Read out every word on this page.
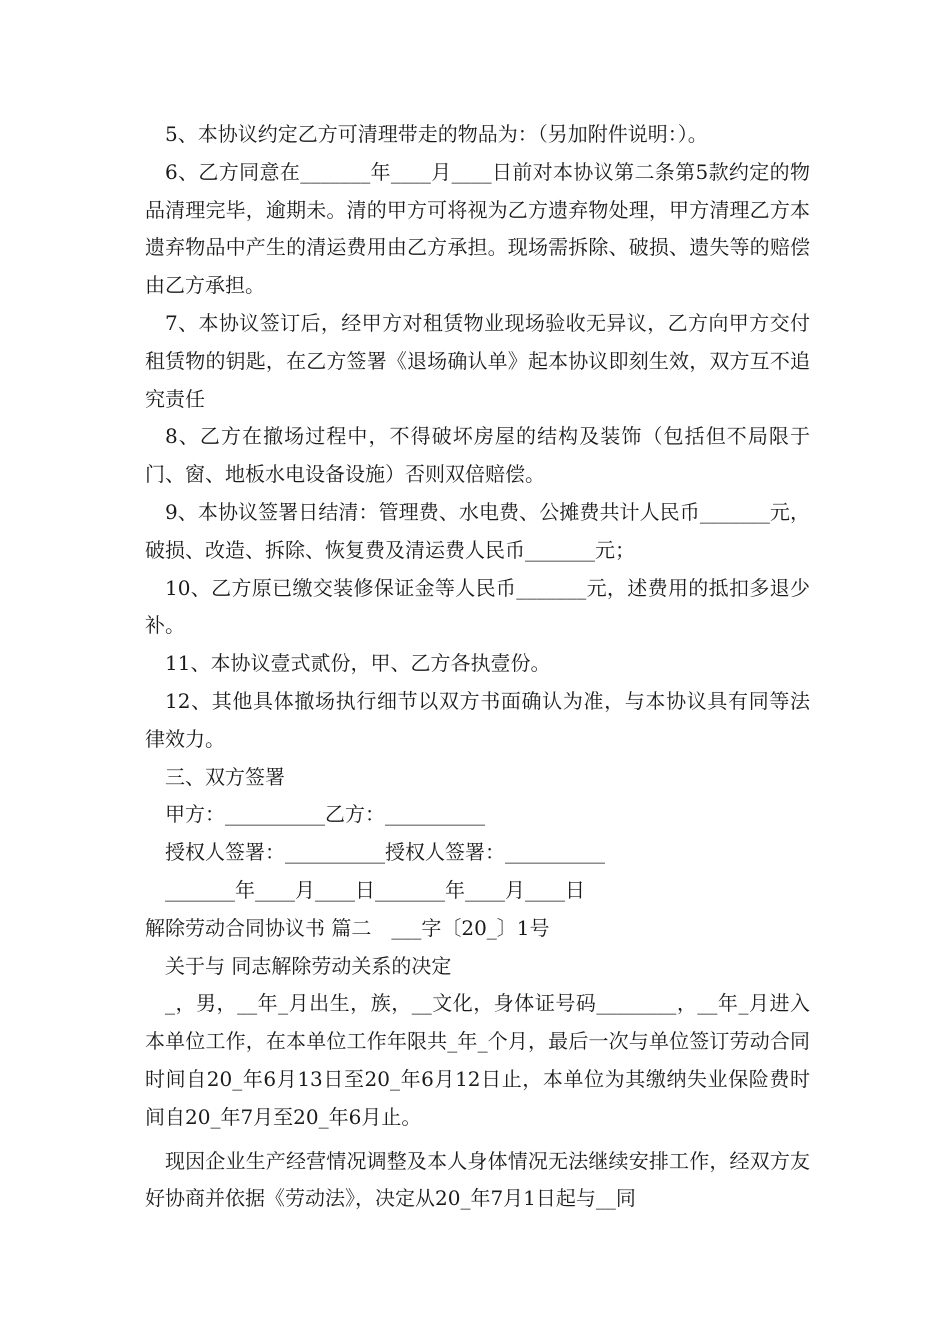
5、本协议约定乙方可清理带走的物品为：（另加附件说明：）。

6、乙方同意在_______年____月____日前对本协议第二条第5款约定的物品清理完毕，逾期未。清的甲方可将视为乙方遗弃物处理，甲方清理乙方本遗弃物品中产生的清运费用由乙方承担。现场需拆除、破损、遗失等的赔偿由乙方承担。

7、本协议签订后，经甲方对租赁物业现场验收无异议，乙方向甲方交付租赁物的钥匙，在乙方签署《退场确认单》起本协议即刻生效，双方互不追究责任

8、乙方在撤场过程中，不得破坏房屋的结构及装饰（包括但不局限于门、窗、地板水电设备设施）否则双倍赔偿。

9、本协议签署日结清：管理费、水电费、公摊费共计人民币_______元，破损、改造、拆除、恢复费及清运费人民币_______元；

10、乙方原已缴交装修保证金等人民币_______元，述费用的抵扣多退少补。

11、本协议壹式贰份，甲、乙方各执壹份。

12、其他具体撤场执行细节以双方书面确认为准，与本协议具有同等法律效力。

三、双方签署

甲方：__________乙方：__________

授权人签署：__________授权人签署：__________

_______年____月____日_______年____月____日

解除劳动合同协议书 篇二　___字〔20_〕1号

关于与 同志解除劳动关系的决定

_，男，__年_月出生，族，__文化，身体证号码________，__年_月进入本单位工作，在本单位工作年限共_年_个月，最后一次与单位签订劳动合同时间自20_年6月13日至20_年6月12日止，本单位为其缴纳失业保险费时间自20_年7月至20_年6月止。

现因企业生产经营情况调整及本人身体情况无法继续安排工作，经双方友好协商并依据《劳动法》，决定从20_年7月1日起与__同
